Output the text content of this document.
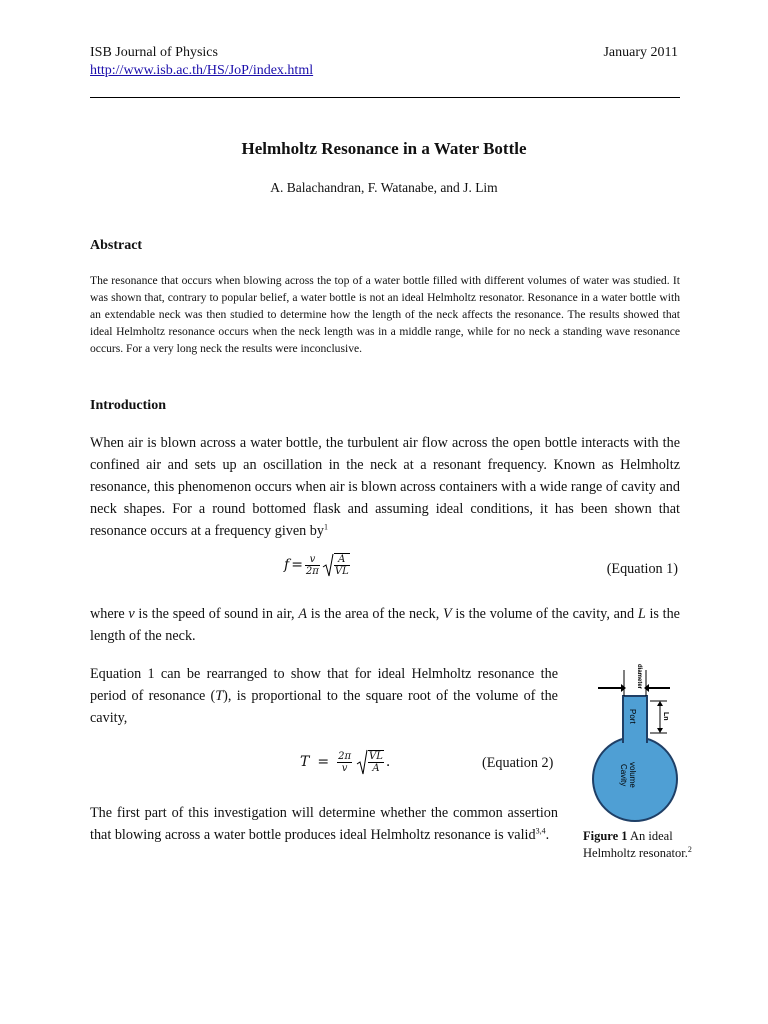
ISB Journal of Physics
http://www.isb.ac.th/HS/JoP/index.html
January 2011
Helmholtz Resonance in a Water Bottle
A. Balachandran, F. Watanabe, and J. Lim
Abstract
The resonance that occurs when blowing across the top of a water bottle filled with different volumes of water was studied. It was shown that, contrary to popular belief, a water bottle is not an ideal Helmholtz resonator. Resonance in a water bottle with an extendable neck was then studied to determine how the length of the neck affects the resonance. The results showed that ideal Helmholtz resonance occurs when the neck length was in a middle range, while for no neck a standing wave resonance occurs. For a very long neck the results were inconclusive.
Introduction
When air is blown across a water bottle, the turbulent air flow across the open bottle interacts with the confined air and sets up an oscillation in the neck at a resonant frequency. Known as Helmholtz resonance, this phenomenon occurs when air is blown across containers with a wide range of cavity and neck shapes. For a round bottomed flask and assuming ideal conditions, it has been shown that resonance occurs at a frequency given $by^1$
$f = \frac{v}{2\pi} \frac{A}{VL}$	(Equation 1)
where v is the speed of sound in air, A is the area of the neck, V is the volume of the cavity, and L is the length of the neck.
Equation 1 can be rearranged to show that for ideal Helmholtz resonance the period of resonance (T), is proportional to the square root of the volume of the cavity,
$T = \frac{2\pi}{v} \frac{VL}{A}$ .	(Equation 2)
The first part of this investigation will determine whether the common assertion that blowing across a water bottle produces ideal Helmholtz resonance is valid$^{3,4}$.
diameter
Port	Ln
Cavity volume
Figure 1 An ideal Helmholtz resonator.$^2$
